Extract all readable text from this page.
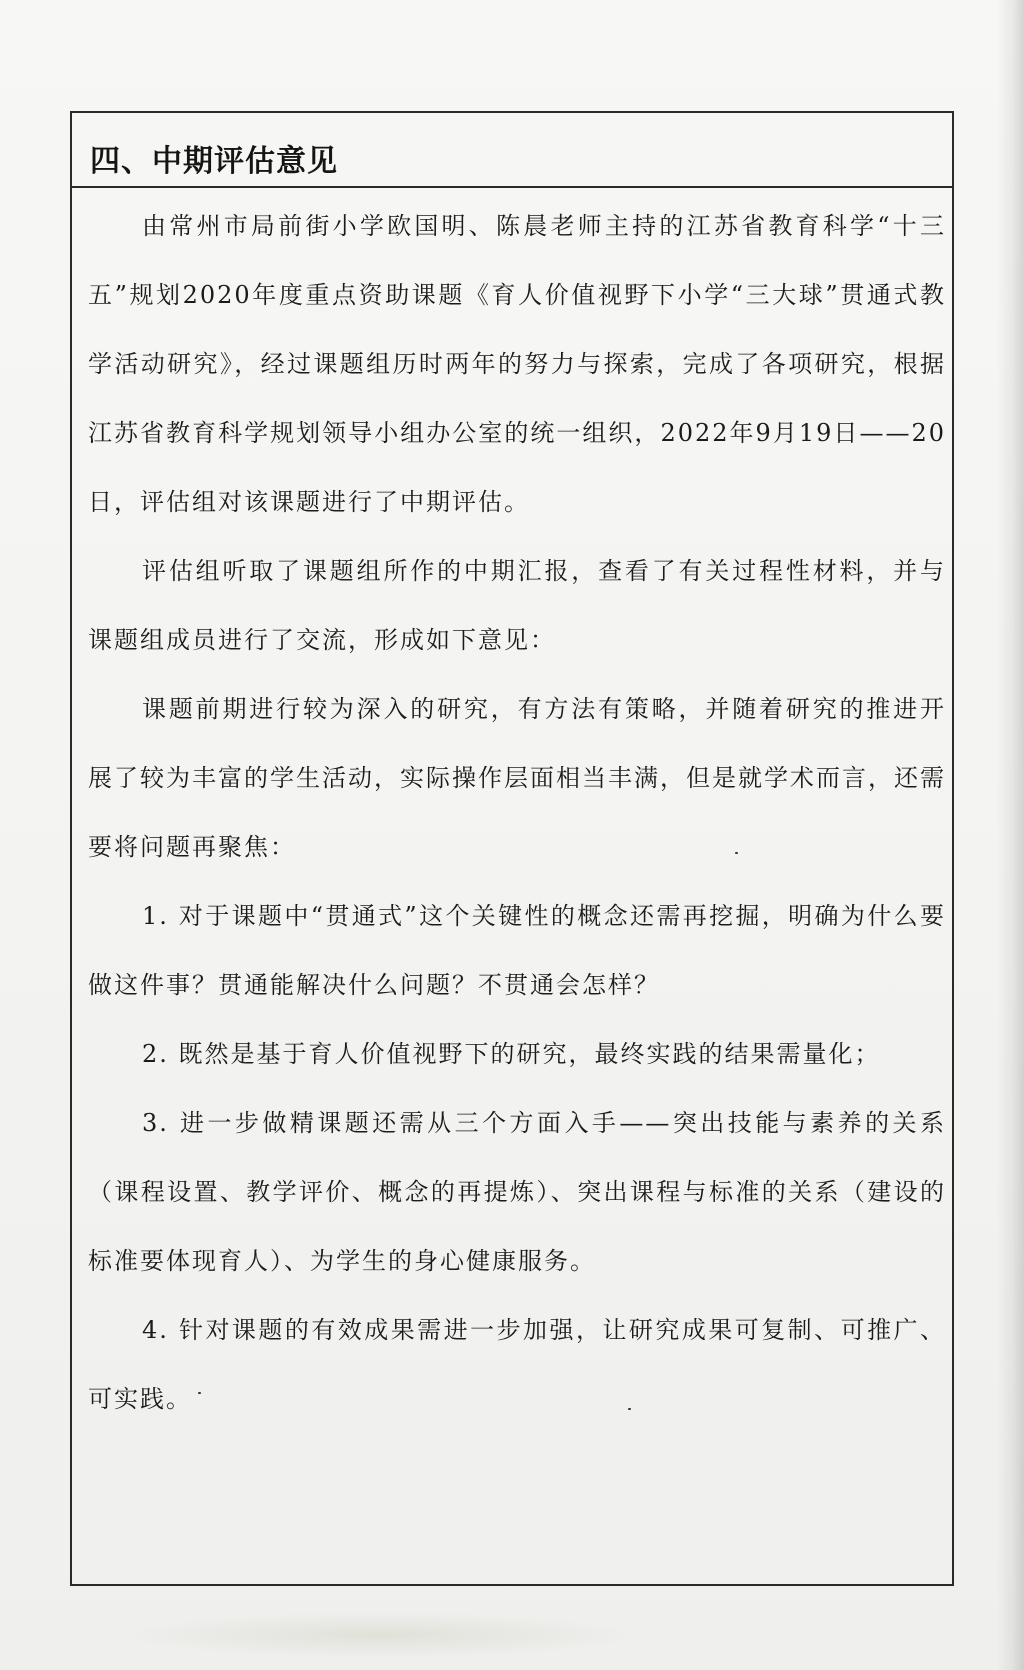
四、中期评估意见

由常州市局前街小学欧国明、陈晨老师主持的江苏省教育科学“十三五”规划2020年度重点资助课题《育人价值视野下小学“三大球”贯通式教学活动研究》，经过课题组历时两年的努力与探索，完成了各项研究，根据江苏省教育科学规划领导小组办公室的统一组织，2022年9月19日——20日，评估组对该课题进行了中期评估。

评估组听取了课题组所作的中期汇报，查看了有关过程性材料，并与课题组成员进行了交流，形成如下意见：

课题前期进行较为深入的研究，有方法有策略，并随着研究的推进开展了较为丰富的学生活动，实际操作层面相当丰满，但是就学术而言，还需要将问题再聚焦：

1. 对于课题中“贯通式”这个关键性的概念还需再挖掘，明确为什么要做这件事？贯通能解决什么问题？不贯通会怎样？

2. 既然是基于育人价值视野下的研究，最终实践的结果需量化；

3. 进一步做精课题还需从三个方面入手——突出技能与素养的关系（课程设置、教学评价、概念的再提炼）、突出课程与标准的关系（建设的标准要体现育人）、为学生的身心健康服务。

4. 针对课题的有效成果需进一步加强，让研究成果可复制、可推广、可实践。
